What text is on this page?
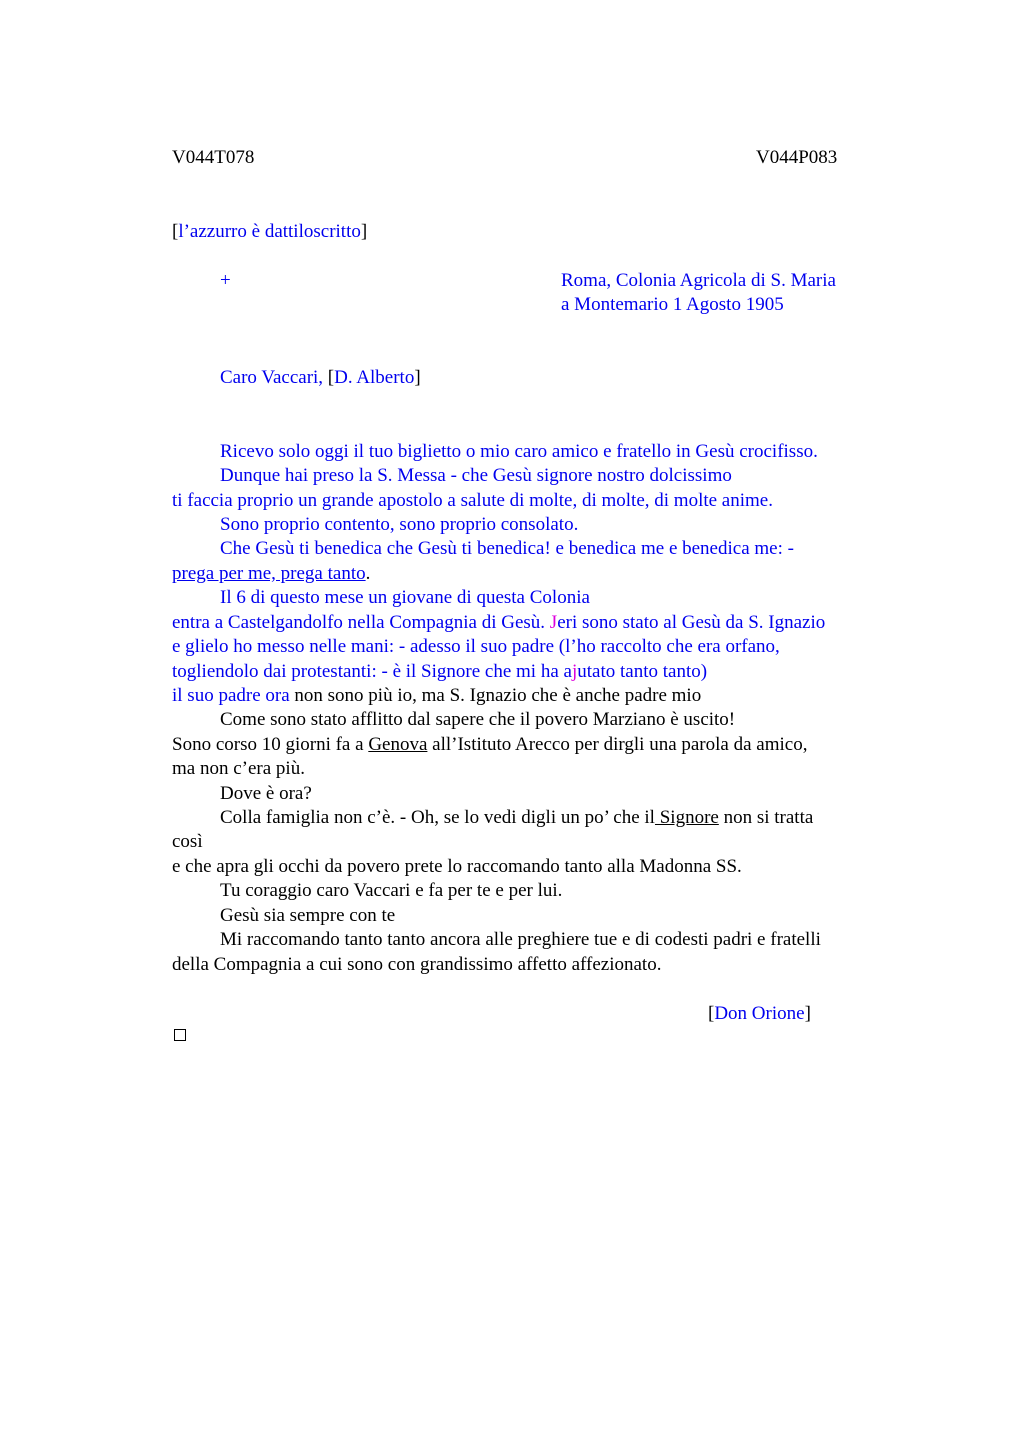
V044T078	V044P083
[l’azzurro è dattiloscritto]
+	Roma, Colonia Agricola di S. Maria
a Montemario 1 Agosto 1905
Caro Vaccari, [D. Alberto]
Ricevo solo oggi il tuo biglietto o mio caro amico e fratello in Gesù crocifisso.
Dunque hai preso la S. Messa - che Gesù signore nostro dolcissimo
ti faccia proprio un grande apostolo a salute di molte, di molte, di molte anime.
Sono proprio contento, sono proprio consolato.
Che Gesù ti benedica che Gesù ti benedica! e benedica me e benedica me: -
prega per me, prega tanto.
Il 6 di questo mese un giovane di questa Colonia
entra a Castelgandolfo nella Compagnia di Gesù. Jeri sono stato al Gesù da S. Ignazio
e glielo ho messo nelle mani: - adesso il suo padre (l’ho raccolto che era orfano,
togliendolo dai protestanti: - è il Signore che mi ha ajutato tanto tanto)
il suo padre ora non sono più io, ma S. Ignazio che è anche padre mio
Come sono stato afflitto dal sapere che il povero Marziano è uscito!
Sono corso 10 giorni fa a Genova all’Istituto Arecco per dirgli una parola da amico,
ma non c’era più.
Dove è ora?
Colla famiglia non c’è. - Oh, se lo vedi digli un po’ che il Signore non si tratta
così
e che apra gli occhi da povero prete lo raccomando tanto alla Madonna SS.
Tu coraggio caro Vaccari e fa per te e per lui.
Gesù sia sempre con te
Mi raccomando tanto tanto ancora alle preghiere tue e di codesti padri e fratelli
della Compagnia a cui sono con grandissimo affetto affezionato.
[Don Orione]
